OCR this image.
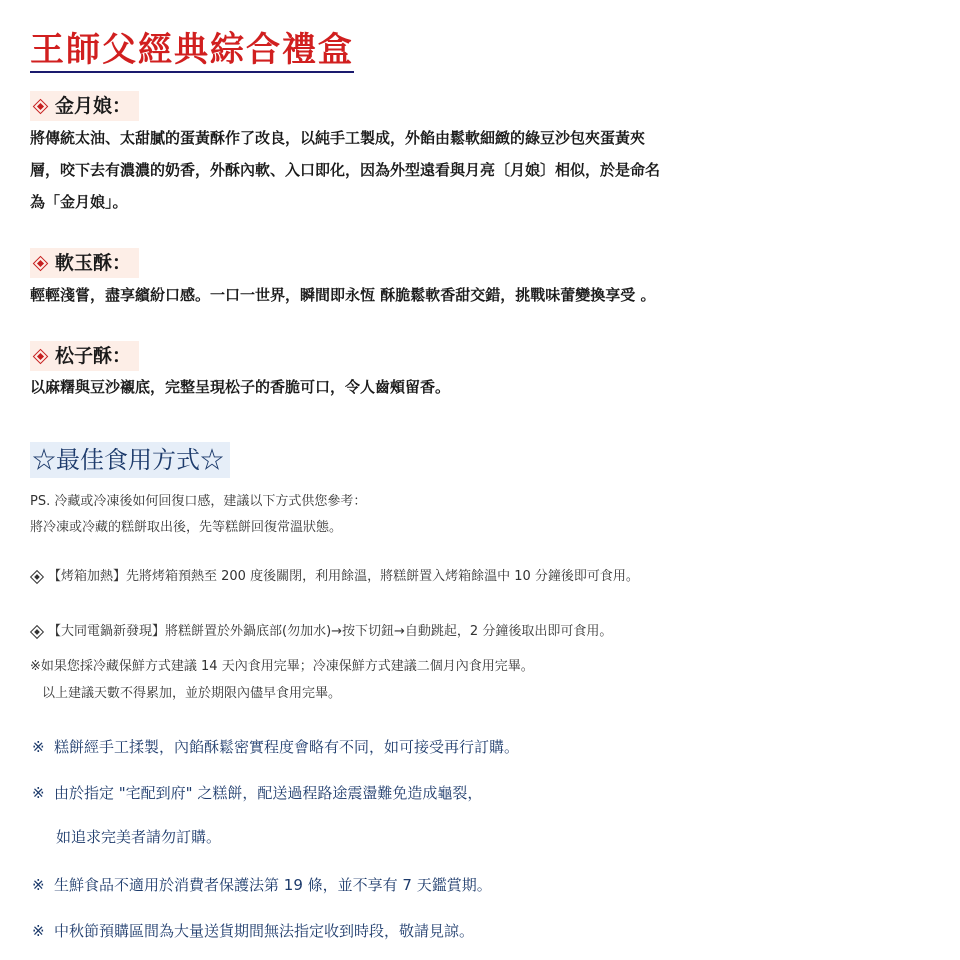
王師父經典綜合禮盒
金月娘：

將傳統太油、太甜膩的蛋黃酥作了改良，以純手工製成，外餡由鬆軟細緻的綠豆沙包夾蛋黃夾

層，咬下去有濃濃的奶香，外酥內軟、入口即化，因為外型遠看與月亮〔月娘〕相似，於是命名

為「金月娘」。

軟玉酥：

輕輕淺嘗，盡享繽紛口感。一口一世界，瞬間即永恆 酥脆鬆軟香甜交錯，挑戰味蕾變換享受 。

松子酥：

以麻糬與豆沙襯底，完整呈現松子的香脆可口，令人齒頰留香。

☆最佳食用方式☆

PS. 冷藏或冷凍後如何回復口感，建議以下方式供您參考：

將冷凍或冷藏的糕餅取出後，先等糕餅回復常溫狀態。

【烤箱加熱】先將烤箱預熱至 200 度後關閉，利用餘溫，將糕餅置入烤箱餘溫中 10 分鐘後即可食用。
【大同電鍋新發現】將糕餅置於外鍋底部(勿加水)→按下切鈕→自動跳起，2 分鐘後取出即可食用。

※如果您採冷藏保鮮方式建議 14 天內食用完畢；冷凍保鮮方式建議二個月內食用完畢。

以上建議天數不得累加，並於期限內儘早食用完畢。

※ 糕餅經手工揉製，內餡酥鬆密實程度會略有不同，如可接受再行訂購。

※ 由於指定 "宅配到府" 之糕餅，配送過程路途震盪難免造成龜裂，

如追求完美者請勿訂購。

※ 生鮮食品不適用於消費者保護法第 19 條，並不享有 7 天鑑賞期。

※ 中秋節預購區間為大量送貨期間無法指定收到時段，敬請見諒。
